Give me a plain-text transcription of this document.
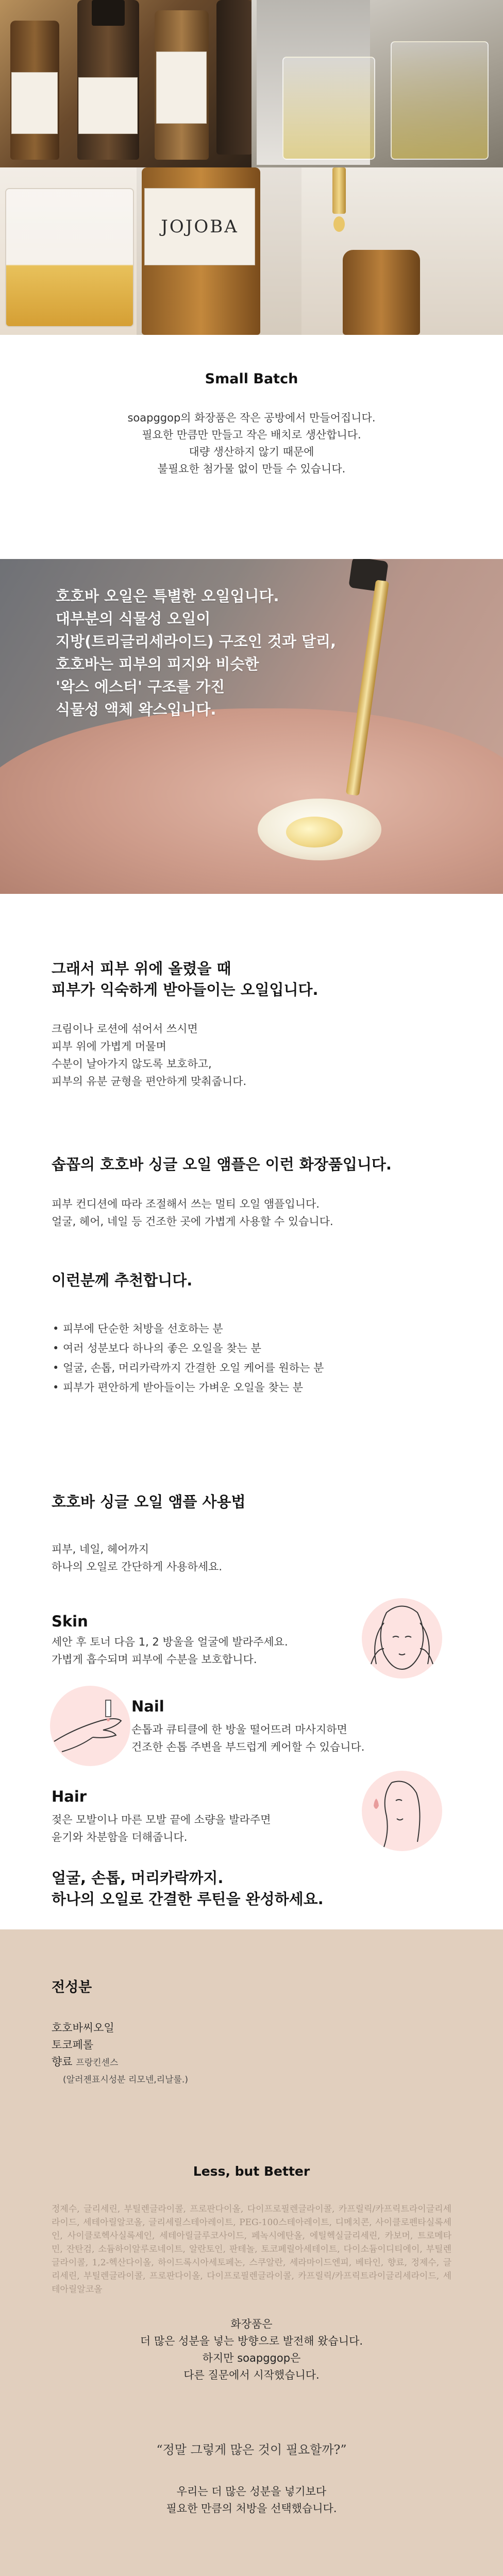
JOJOBA
Small Batch

soapggop의 화장품은 작은 공방에서 만들어집니다.

필요한 만큼만 만들고 작은 배치로 생산합니다.

대량 생산하지 않기 때문에

불필요한 첨가물 없이 만들 수 있습니다.

호호바 오일은 특별한 오일입니다.

대부분의 식물성 오일이

지방(트리글리세라이드) 구조인 것과 달리,

호호바는 피부의 피지와 비슷한

'왁스 에스터' 구조를 가진

식물성 액체 왁스입니다.

그래서 피부 위에 올렸을 때

피부가 익숙하게 받아들이는 오일입니다.

크림이나 로션에 섞어서 쓰시면

피부 위에 가볍게 머물며

수분이 날아가지 않도록 보호하고,

피부의 유분 균형을 편안하게 맞춰줍니다.

솝꼽의 호호바 싱글 오일 앰플은 이런 화장품입니다.

피부 컨디션에 따라 조절해서 쓰는 멀티 오일 앰플입니다.

얼굴, 헤어, 네일 등 건조한 곳에 가볍게 사용할 수 있습니다.

이런분께 추천합니다.
• 피부에 단순한 처방을 선호하는 분
• 여러 성분보다 하나의 좋은 오일을 찾는 분
• 얼굴, 손톱, 머리카락까지 간결한 오일 케어를 원하는 분
• 피부가 편안하게 받아들이는 가벼운 오일을 찾는 분
호호바 싱글 오일 앰플 사용법

피부, 네일, 헤어까지

하나의 오일로 간단하게 사용하세요.

Skin

세안 후 토너 다음 1, 2 방울을 얼굴에 발라주세요.

가볍게 흡수되며 피부에 수분을 보호합니다.

Nail

손톱과 큐티클에 한 방울 떨어뜨려 마사지하면

건조한 손톱 주변을 부드럽게 케어할 수 있습니다.

Hair

젖은 모발이나 마른 모발 끝에 소량을 발라주면

윤기와 차분함을 더해줍니다.

얼굴, 손톱, 머리카락까지.

하나의 오일로 간결한 루틴을 완성하세요.

전성분

호호바씨오일

토코페롤

향료 프랑킨센스

(알러젠표시성분 리모넨,리날룰.)

Less, but Better

정제수, 글리세린, 부틸렌글라이콜, 프로판다이올, 다이프로필렌글라이콜, 카프릴릭/카프릭트라이글리세라이드, 세테아릴알코올, 글리세릴스테아레이트, PEG-100스테아레이트, 디메치콘, 사이클로펜타실록세인, 사이클로헥사실록세인, 세테아릴글루코사이드, 페녹시에탄올, 에틸헥실글리세린, 카보머, 트로메타민, 잔탄검, 소듐하이알루로네이트, 알란토인, 판테놀, 토코페릴아세테이트, 다이소듐이디티에이, 부틸렌글라이콜, 1,2-헥산다이올, 하이드록시아세토페논, 스쿠알란, 세라마이드엔피, 베타인, 향료, 정제수, 글리세린, 부틸렌글라이콜, 프로판다이올, 다이프로필렌글라이콜, 카프릴릭/카프릭트라이글리세라이드, 세테아릴알코올

화장품은

더 많은 성분을 넣는 방향으로 발전해 왔습니다.

하지만 soapggop은

다른 질문에서 시작했습니다.

“정말 그렇게 많은 것이 필요할까?”

우리는 더 많은 성분을 넣기보다

필요한 만큼의 처방을 선택했습니다.
